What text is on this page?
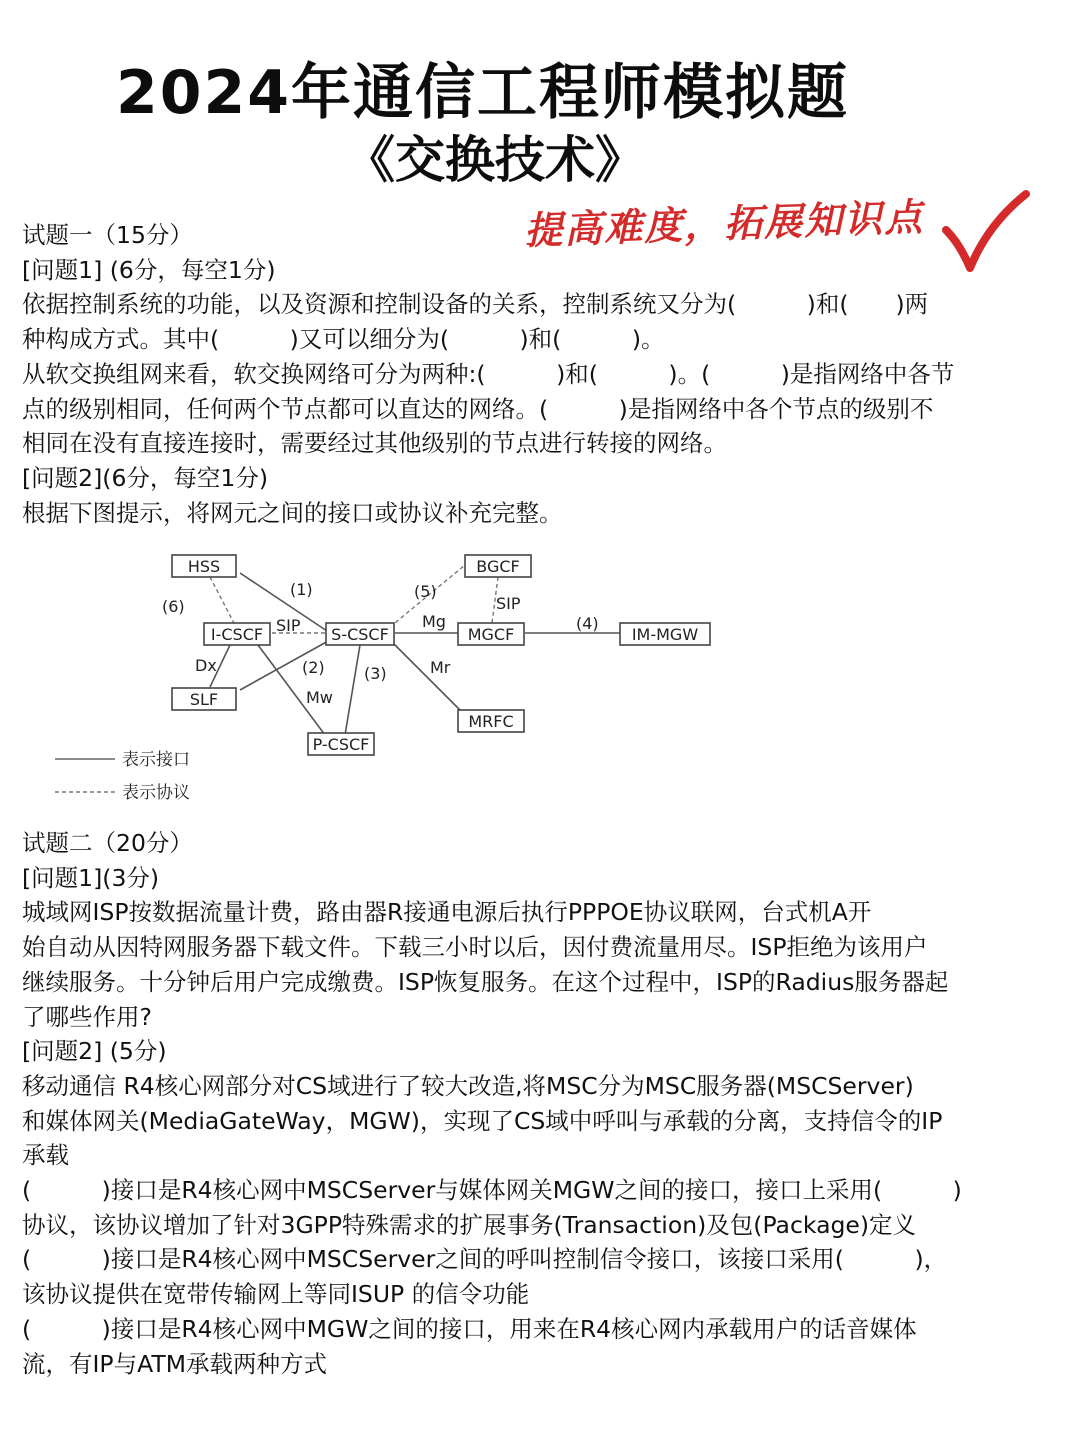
2024年通信工程师模拟题
《交换技术》
提高难度，拓展知识点
试题一（15分）
[问题1] (6分，每空1分)
依据控制系统的功能，以及资源和控制设备的关系，控制系统又分为(　　　)和(　　)两
种构成方式。其中(　　　)又可以细分为(　　　)和(　　　)。
从软交换组网来看，软交换网络可分为两种:(　　　)和(　　　)。(　　　)是指网络中各节
点的级别相同，任何两个节点都可以直达的网络。(　　　)是指网络中各个节点的级别不
相同在没有直接连接时，需要经过其他级别的节点进行转接的网络。
[问题2](6分，每空1分)
根据下图提示，将网元之间的接口或协议补充完整。
HSS	BGCF
I-CSCF	S-CSCF	MGCF	IM-MGW
SLF
MRFC
P-CSCF
(1)
(6)
SIP
(5)
Mg
SIP
(4)
Dx	(2) (3)	Mr
Mw
表示接口
表示协议
试题二（20分）
[问题1](3分)
城域网ISP按数据流量计费，路由器R接通电源后执行PPPOE协议联网，台式机A开
始自动从因特网服务器下载文件。下载三小时以后，因付费流量用尽。ISP拒绝为该用户
继续服务。十分钟后用户完成缴费。ISP恢复服务。在这个过程中，ISP的Radius服务器起
了哪些作用?
[问题2] (5分)
移动通信 R4核心网部分对CS域进行了较大改造,将MSC分为MSC服务器(MSCServer)
和媒体网关(MediaGateWay，MGW)，实现了CS域中呼叫与承载的分离，支持信令的IP
承载
(　　　)接口是R4核心网中MSCServer与媒体网关MGW之间的接口，接口上采用(　　　)
协议，该协议增加了针对3GPP特殊需求的扩展事务(Transaction)及包(Package)定义
(　　　)接口是R4核心网中MSCServer之间的呼叫控制信令接口，该接口采用(　　　)，
该协议提供在宽带传输网上等同ISUP 的信令功能
(　　　)接口是R4核心网中MGW之间的接口，用来在R4核心网内承载用户的话音媒体
流，有IP与ATM承载两种方式
